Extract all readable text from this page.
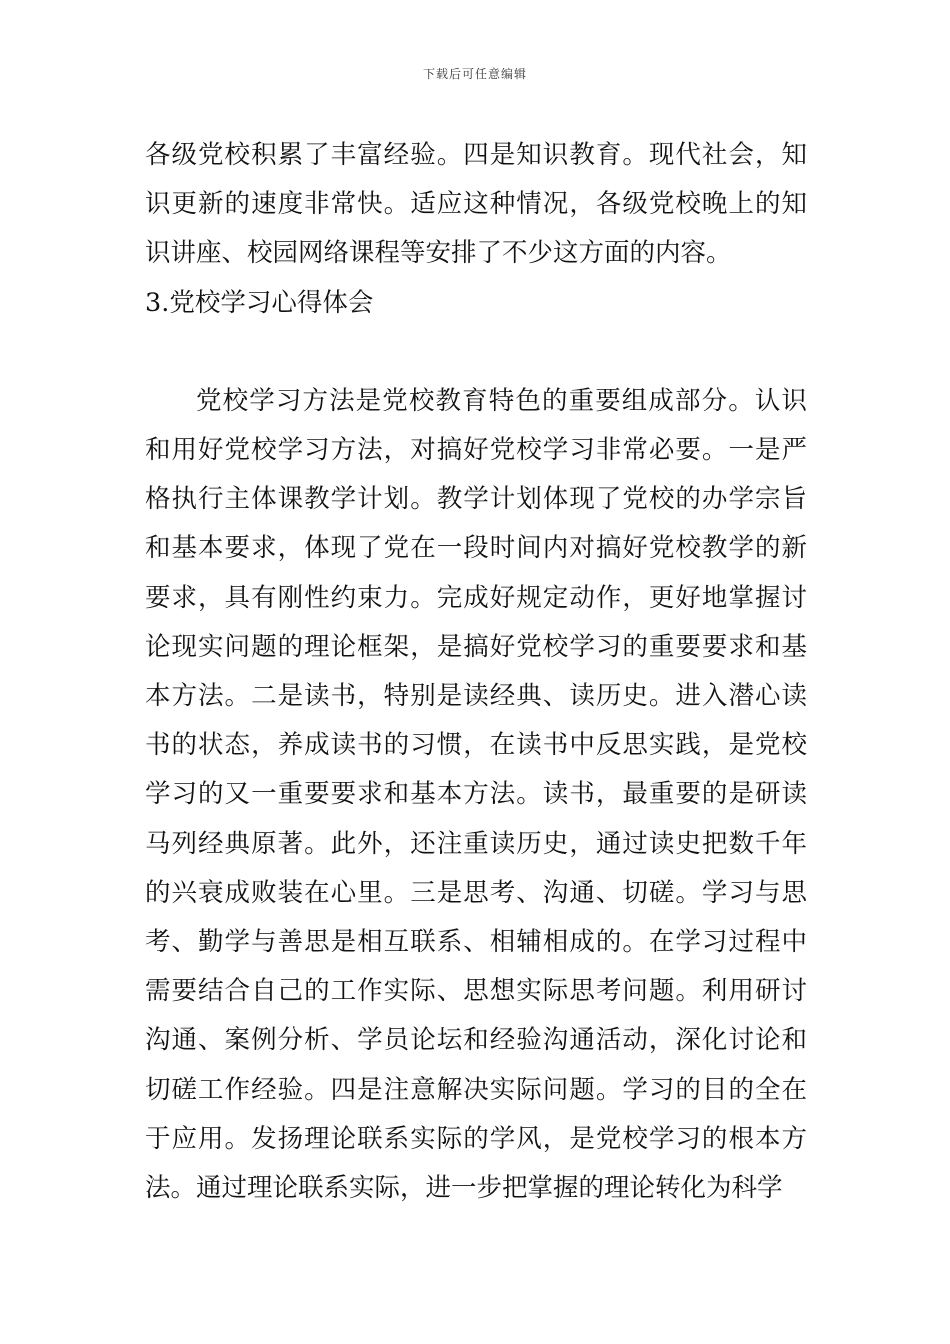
下载后可任意编辑

各级党校积累了丰富经验。四是知识教育。现代社会，知识更新的速度非常快。适应这种情况，各级党校晚上的知识讲座、校园网络课程等安排了不少这方面的内容。

3.党校学习心得体会

党校学习方法是党校教育特色的重要组成部分。认识和用好党校学习方法，对搞好党校学习非常必要。一是严格执行主体课教学计划。教学计划体现了党校的办学宗旨和基本要求，体现了党在一段时间内对搞好党校教学的新要求，具有刚性约束力。完成好规定动作，更好地掌握讨论现实问题的理论框架，是搞好党校学习的重要要求和基本方法。二是读书，特别是读经典、读历史。进入潜心读书的状态，养成读书的习惯，在读书中反思实践，是党校学习的又一重要要求和基本方法。读书，最重要的是研读马列经典原著。此外，还注重读历史，通过读史把数千年的兴衰成败装在心里。三是思考、沟通、切磋。学习与思考、勤学与善思是相互联系、相辅相成的。在学习过程中需要结合自己的工作实际、思想实际思考问题。利用研讨沟通、案例分析、学员论坛和经验沟通活动，深化讨论和切磋工作经验。四是注意解决实际问题。学习的目的全在于应用。发扬理论联系实际的学风，是党校学习的根本方法。通过理论联系实际，进一步把掌握的理论转化为科学
